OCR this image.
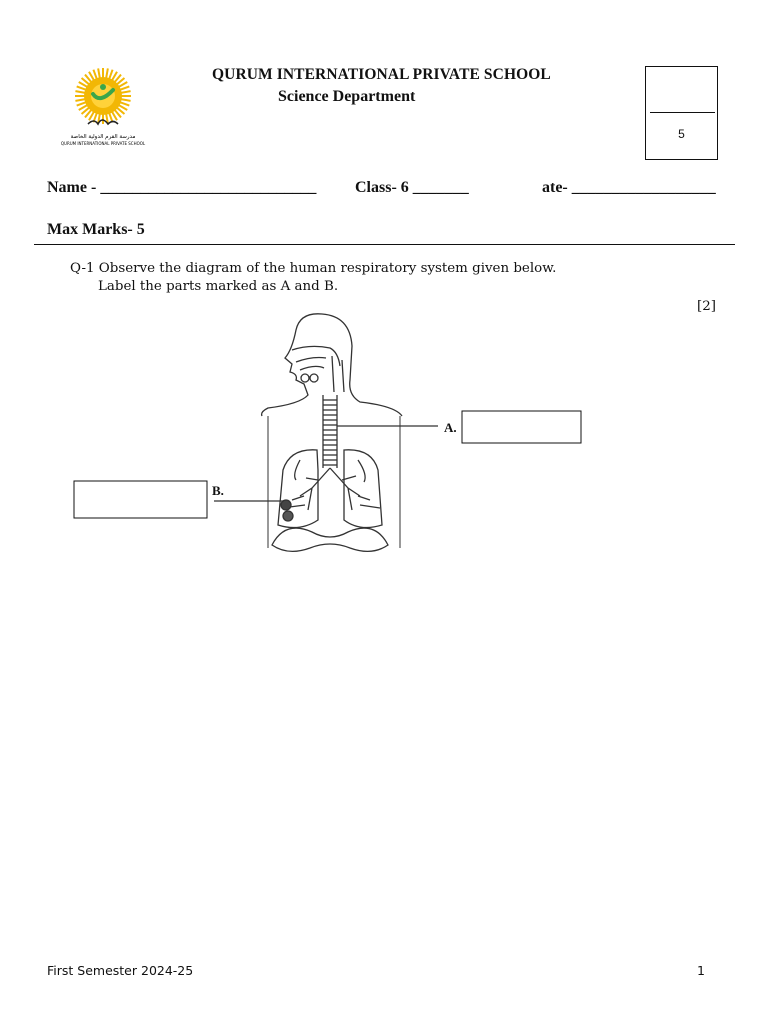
مدرسة القرم الدولية الخاصة
QURUM INTERNATIONAL PRIVATE SCHOOL
QURUM INTERNATIONAL PRIVATE SCHOOL
Science Department
5
Name - ___________________________ Class- 6 _______	ate- __________________
Max Marks- 5
Q-1 Observe the diagram of the human respiratory system given below.
Label the parts marked as A and B.
[2]
A.
B.
First Semester 2024-25	1
